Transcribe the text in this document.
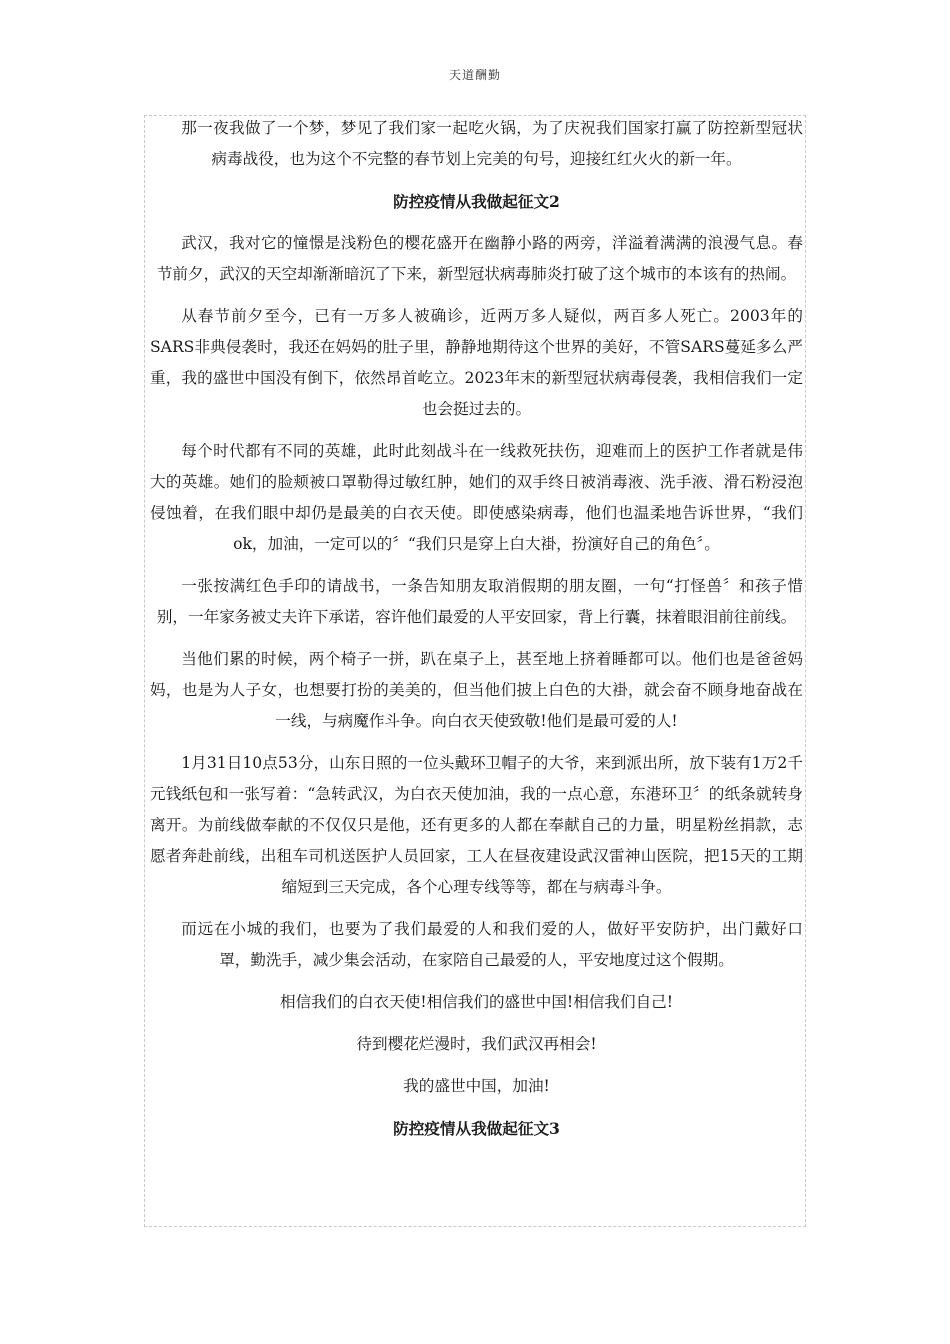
天道酬勤

那一夜我做了一个梦，梦见了我们家一起吃火锅，为了庆祝我们国家打赢了防控新型冠状病毒战役，也为这个不完整的春节划上完美的句号，迎接红红火火的新一年。

防控疫情从我做起征文2

武汉，我对它的憧憬是浅粉色的樱花盛开在幽静小路的两旁，洋溢着满满的浪漫气息。春节前夕，武汉的天空却渐渐暗沉了下来，新型冠状病毒肺炎打破了这个城市的本该有的热闹。

从春节前夕至今，已有一万多人被确诊，近两万多人疑似，两百多人死亡。2003年的SARS非典侵袭时，我还在妈妈的肚子里，静静地期待这个世界的美好，不管SARS蔓延多么严重，我的盛世中国没有倒下，依然昂首屹立。2023年末的新型冠状病毒侵袭，我相信我们一定也会挺过去的。

每个时代都有不同的英雄，此时此刻战斗在一线救死扶伤，迎难而上的医护工作者就是伟大的英雄。她们的脸颊被口罩勒得过敏红肿，她们的双手终日被消毒液、洗手液、滑石粉浸泡侵蚀着，在我们眼中却仍是最美的白衣天使。即使感染病毒，他们也温柔地告诉世界，“我们ok，加油，一定可以的〞“我们只是穿上白大褂，扮演好自己的角色〞。

一张按满红色手印的请战书，一条告知朋友取消假期的朋友圈，一句“打怪兽〞和孩子惜别，一年家务被丈夫许下承诺，容许他们最爱的人平安回家，背上行囊，抹着眼泪前往前线。

当他们累的时候，两个椅子一拼，趴在桌子上，甚至地上挤着睡都可以。他们也是爸爸妈妈，也是为人子女，也想要打扮的美美的，但当他们披上白色的大褂，就会奋不顾身地奋战在一线，与病魔作斗争。向白衣天使致敬!他们是最可爱的人!

1月31日10点53分，山东日照的一位头戴环卫帽子的大爷，来到派出所，放下装有1万2千元钱纸包和一张写着：“急转武汉，为白衣天使加油，我的一点心意，东港环卫〞的纸条就转身离开。为前线做奉献的不仅仅只是他，还有更多的人都在奉献自己的力量，明星粉丝捐款，志愿者奔赴前线，出租车司机送医护人员回家，工人在昼夜建设武汉雷神山医院，把15天的工期缩短到三天完成，各个心理专线等等，都在与病毒斗争。

而远在小城的我们，也要为了我们最爱的人和我们爱的人，做好平安防护，出门戴好口罩，勤洗手，减少集会活动，在家陪自己最爱的人，平安地度过这个假期。

相信我们的白衣天使!相信我们的盛世中国!相信我们自己!

待到樱花烂漫时，我们武汉再相会!

我的盛世中国，加油!

防控疫情从我做起征文3
